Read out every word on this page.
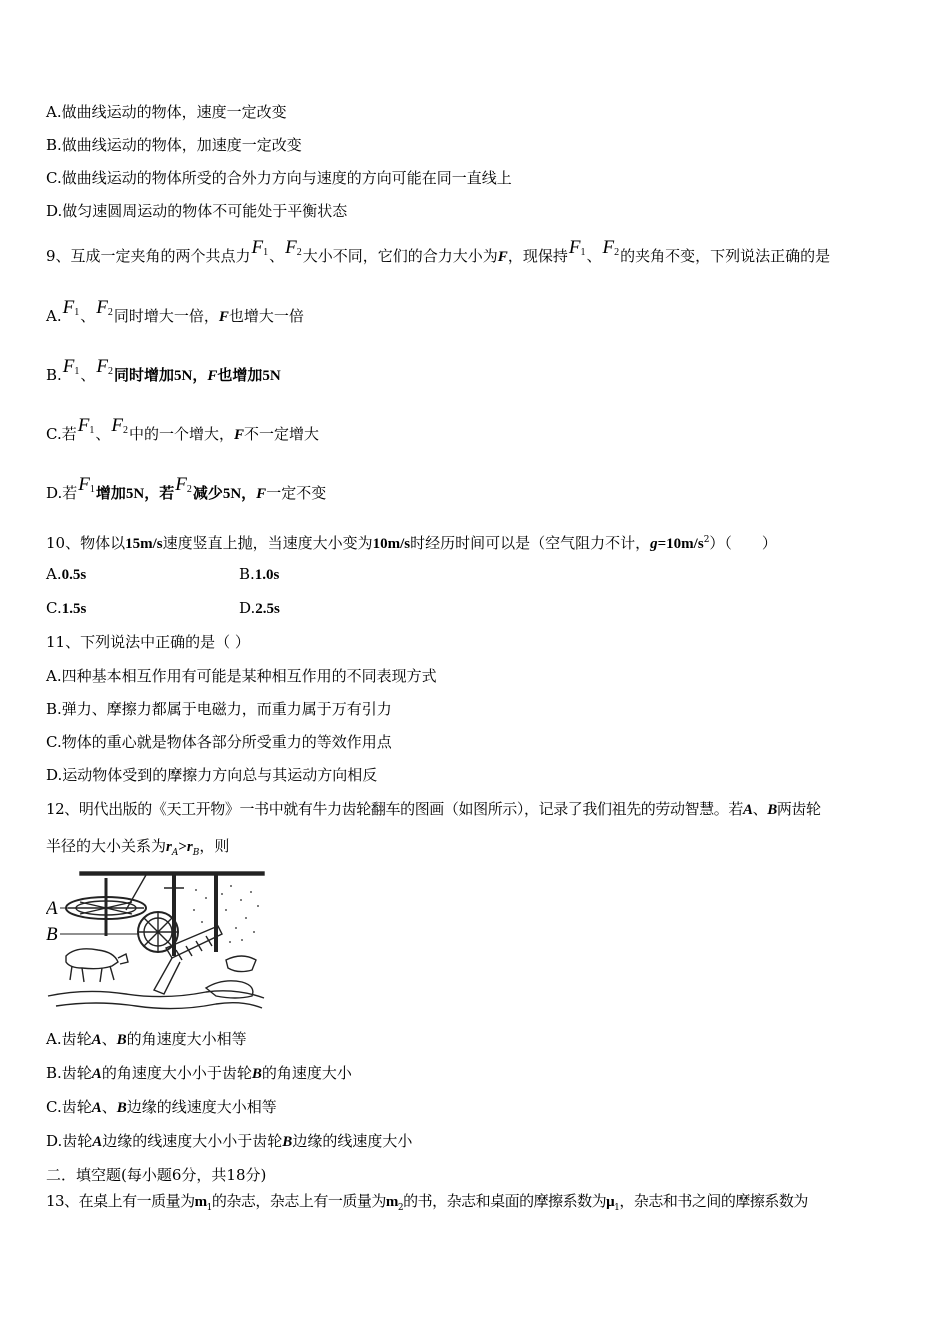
A.做曲线运动的物体，速度一定改变
B.做曲线运动的物体，加速度一定改变
C.做曲线运动的物体所受的合外力方向与速度的方向可能在同一直线上
D.做匀速圆周运动的物体不可能处于平衡状态
9、互成一定夹角的两个共点力$F_1$、$F_2$大小不同，它们的合力大小为F，现保持$F_1$、$F_2$的夹角不变，下列说法正确的是
$A.F_1$、$F_2$同时增大一倍，F也增大一倍
$B.F_1$、$F_2$同时增加5N，F也增加5N
C.若$F_1$、$F_2$中的一个增大，F不一定增大
D.若$F_1$增加5N，若$F_2$减少5N，F一定不变
10、物体以15m/s速度竖直上抛，当速度大小变为10m/s时经历时间可以是（空气阻力不计，$g=10m/s^2$）（　　）
A.0.5s	B.1.0s
C.1.5s	D.2.5s
11、下列说法中正确的是（ ）
A.四种基本相互作用有可能是某种相互作用的不同表现方式
B.弹力、摩擦力都属于电磁力，而重力属于万有引力
C.物体的重心就是物体各部分所受重力的等效作用点
D.运动物体受到的摩擦力方向总与其运动方向相反
12、明代出版的《天工开物》一书中就有牛力齿轮翻车的图画（如图所示），记录了我们祖先的劳动智慧。若A、B两齿轮
半径的大小关系为$r_A>r_B$，则
A
B
A.齿轮A、B的角速度大小相等
B.齿轮A的角速度大小小于齿轮B的角速度大小
C.齿轮A、B边缘的线速度大小相等
D.齿轮A边缘的线速度大小小于齿轮B边缘的线速度大小
二．填空题(每小题6分，共18分)
13、在桌上有一质量为$m_1$的杂志，杂志上有一质量为$m_2$的书，杂志和桌面的摩擦系数为$\mu_1$，杂志和书之间的摩擦系数为
